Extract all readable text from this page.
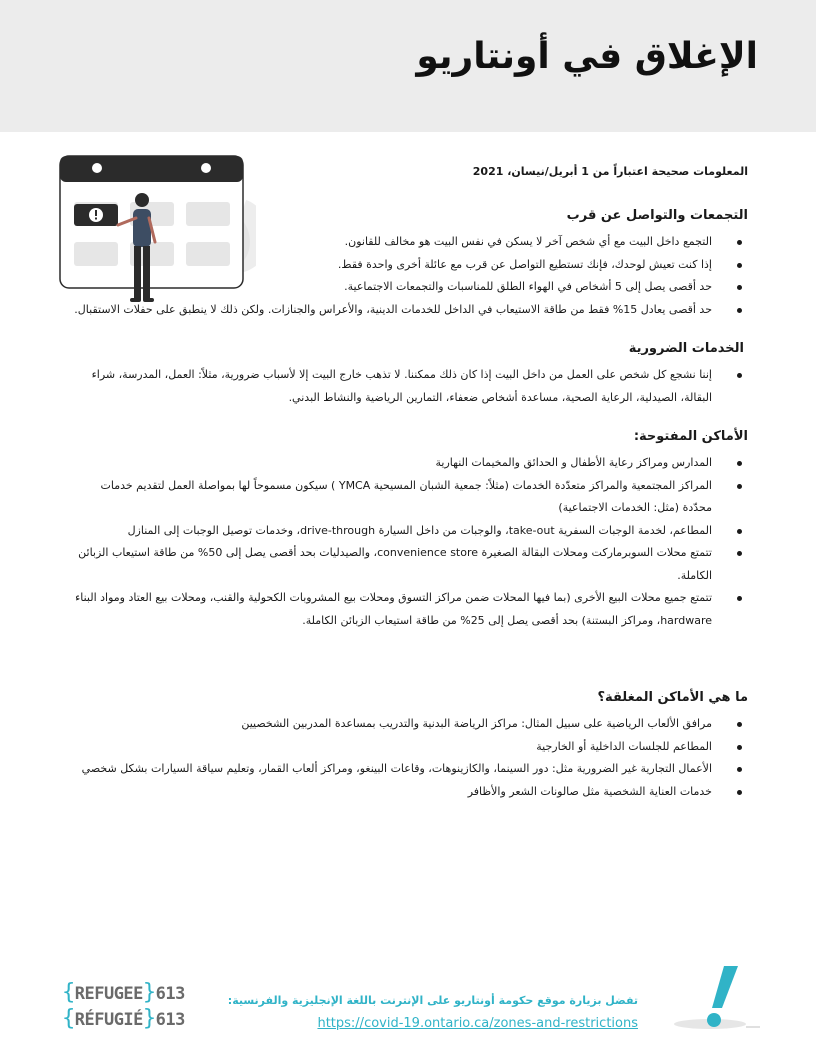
الإغلاق في أونتاريو

المعلومات صحيحة اعتباراً من 1 أبريل/نيسان، 2021

التجمعات والتواصل عن قرب
التجمع داخل البيت مع أي شخص آخر لا يسكن في نفس البيت هو مخالف للقانون.
إذا كنت تعيش لوحدك، فإنك تستطيع التواصل عن قرب مع عائلة أخرى واحدة فقط.
حد أقصى يصل إلى 5 أشخاص في الهواء الطلق للمناسبات والتجمعات الاجتماعية.
حد أقصى يعادل 15% فقط من طاقة الاستيعاب في الداخل للخدمات الدينية، والأعراس والجنازات. ولكن ذلك لا ينطبق على حفلات الاستقبال.
الخدمات الضرورية
إننا نشجع كل شخص على العمل من داخل البيت إذا كان ذلك ممكننا. لا تذهب خارج البيت إلا لأسباب ضرورية، مثلاً: العمل، المدرسة، شراء البقالة، الصيدلية، الرعاية الصحية، مساعدة أشخاص ضعفاء، التمارين الرياضية والنشاط البدني.
الأماكن المفتوحة:
المدارس ومراكز رعاية الأطفال و الحدائق والمخيمات النهارية
المراكز المجتمعية والمراكز متعدّدة الخدمات (مثلاً: جمعية الشبان المسيحية YMCA ) سيكون مسموحاً لها بمواصلة العمل لتقديم خدمات محدّدة (مثل: الخدمات الاجتماعية)
المطاعم، لخدمة الوجبات السفرية take-out، والوجبات من داخل السيارة drive-through، وخدمات توصيل الوجبات إلى المنازل
تتمتع محلات السوبرماركت ومحلات البقالة الصغيرة convenience store، والصيدليات بحد أقصى يصل إلى 50% من طاقة استيعاب الزبائن الكاملة.
تتمتع جميع محلات البيع الأخرى (بما فيها المحلات ضمن مراكز التسوق ومحلات بيع المشروبات الكحولية والقنب، ومحلات بيع العتاد ومواد البناء hardware، ومراكز البستنة) بحد أقصى يصل إلى 25% من طاقة استيعاب الزبائن الكاملة.
ما هي الأماكن المغلقة؟
مرافق الألعاب الرياضية على سبيل المثال: مراكز الرياضة البدنية والتدريب بمساعدة المدربين الشخصيين
المطاعم للجلسات الداخلية أو الخارجية
الأعمال التجارية غير الضرورية مثل: دور السينما، والكازينوهات، وقاعات البينغو، ومراكز ألعاب القمار، وتعليم سياقة السيارات بشكل شخصي
خدمات العناية الشخصية مثل صالونات الشعر والأظافر
{REFUGEE}613
{RÉFUGIÉ}613
تفضل بزيارة موقع حكومة أونتاريو على الإنترنت باللغة الإنجليزية والفرنسية:
https://covid-19.ontario.ca/zones-and-restrictions
